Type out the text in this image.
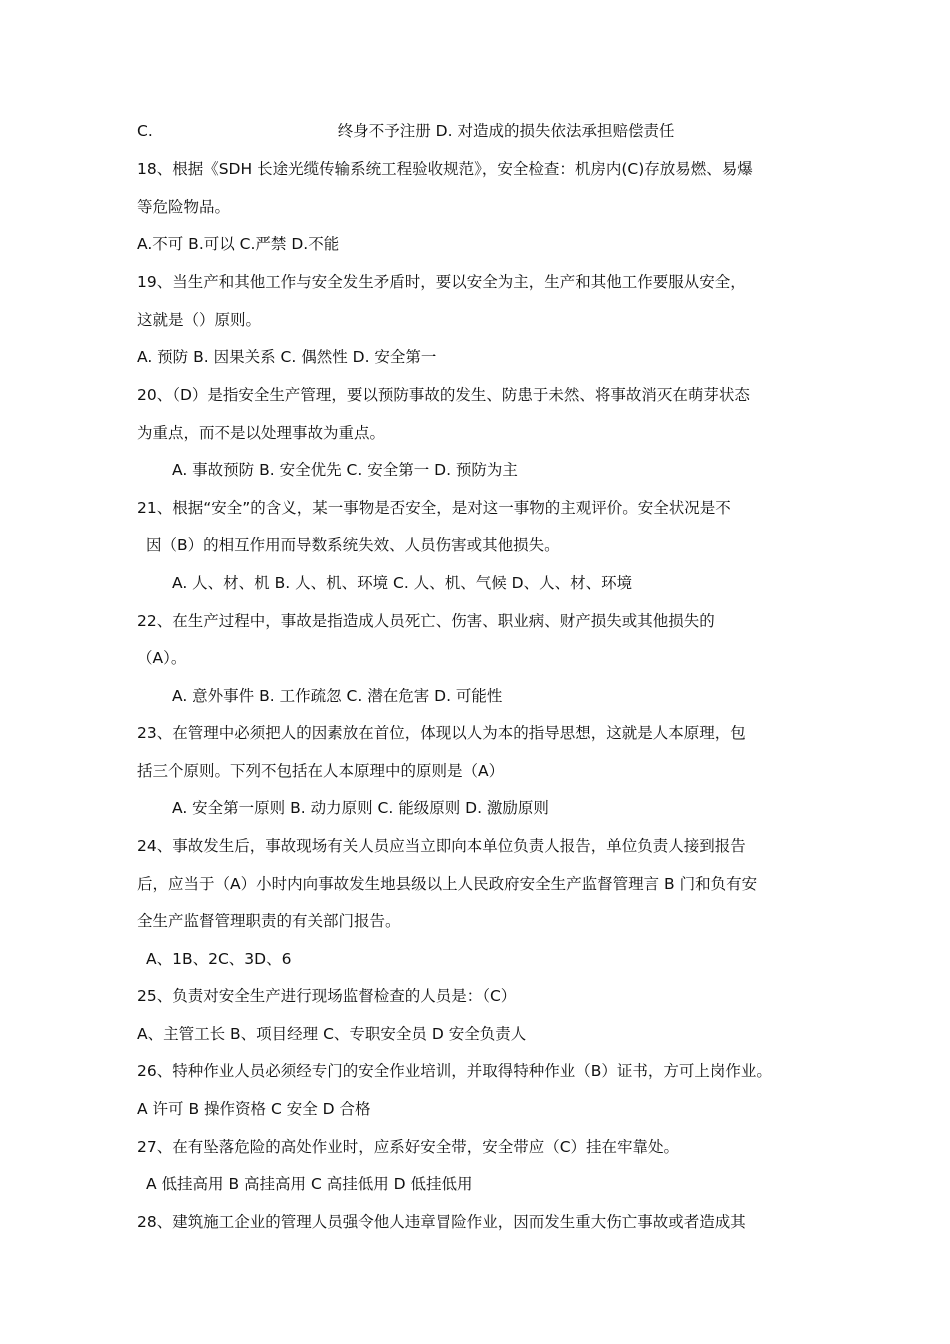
C.	终身不予注册 D. 对造成的损失依法承担赔偿责任
18、根据《SDH 长途光缆传输系统工程验收规范》，安全检查：机房内(C)存放易燃、易爆
等危险物品。
A.不可 B.可以 C.严禁 D.不能
19、当生产和其他工作与安全发生矛盾时，要以安全为主，生产和其他工作要服从安全，
这就是（）原则。
A. 预防 B. 因果关系 C. 偶然性 D. 安全第一
20、（D）是指安全生产管理，要以预防事故的发生、防患于未然、将事故消灭在萌芽状态
为重点，而不是以处理事故为重点。
A. 事故预防 B. 安全优先 C. 安全第一 D. 预防为主
21、根据“安全”的含义，某一事物是否安全，是对这一事物的主观评价。安全状况是不
因（B）的相互作用而导数系统失效、人员伤害或其他损失。
A. 人、材、机 B. 人、机、环境 C. 人、机、气候 D、人、材、环境
22、在生产过程中，事故是指造成人员死亡、伤害、职业病、财产损失或其他损失的
（A）。
A. 意外事件 B. 工作疏忽 C. 潜在危害 D. 可能性
23、在管理中必须把人的因素放在首位，体现以人为本的指导思想，这就是人本原理，包
括三个原则。下列不包括在人本原理中的原则是（A）
A. 安全第一原则 B. 动力原则 C. 能级原则 D. 激励原则
24、事故发生后，事故现场有关人员应当立即向本单位负责人报告，单位负责人接到报告
后，应当于（A）小时内向事故发生地县级以上人民政府安全生产监督管理言 B 门和负有安
全生产监督管理职责的有关部门报告。
A、1B、2C、3D、6
25、负责对安全生产进行现场监督检查的人员是：（C）
A、主管工长 B、项目经理 C、专职安全员 D 安全负责人
26、特种作业人员必须经专门的安全作业培训，并取得特种作业（B）证书，方可上岗作业。
A 许可 B 操作资格 C 安全 D 合格
27、在有坠落危险的高处作业时，应系好安全带，安全带应（C）挂在牢靠处。
A 低挂高用 B 高挂高用 C 高挂低用 D 低挂低用
28、建筑施工企业的管理人员强令他人违章冒险作业，因而发生重大伤亡事故或者造成其
